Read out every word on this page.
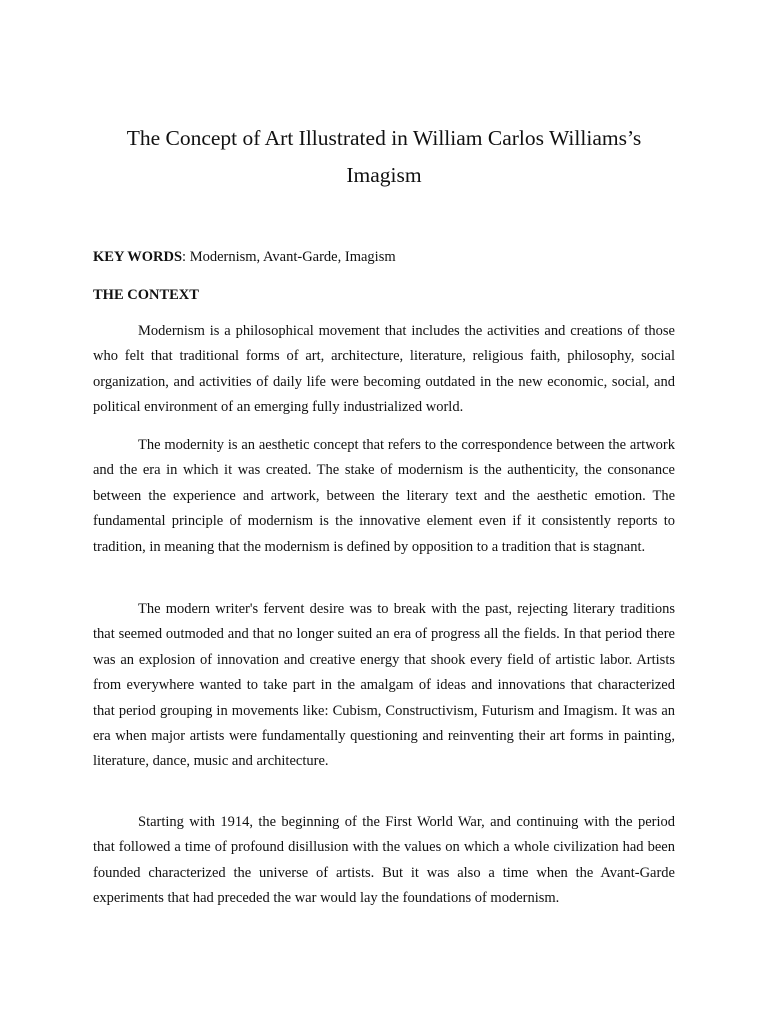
The Concept of Art Illustrated in William Carlos Williams’s
Imagism

KEY WORDS: Modernism, Avant-Garde, Imagism

THE CONTEXT

Modernism is a philosophical movement that includes the activities and creations of those who felt that traditional forms of art, architecture, literature, religious faith, philosophy, social organization, and activities of daily life were becoming outdated in the new economic, social, and political environment of an emerging fully industrialized world.

The modernity is an aesthetic concept that refers to the correspondence between the artwork and the era in which it was created. The stake of modernism is the authenticity, the consonance between the experience and artwork, between the literary text and the aesthetic emotion. The fundamental principle of modernism is the innovative element even if it consistently reports to tradition, in meaning that the modernism is defined by opposition to a tradition that is stagnant.

The modern writer's fervent desire was to break with the past, rejecting literary traditions that seemed outmoded and that no longer suited an era of progress all the fields. In that period there was an explosion of innovation and creative energy that shook every field of artistic labor. Artists from everywhere wanted to take part in the amalgam of ideas and innovations that characterized that period grouping in movements like: Cubism, Constructivism, Futurism and Imagism. It was an era when major artists were fundamentally questioning and reinventing their art forms in painting, literature, dance, music and architecture.

Starting with 1914, the beginning of the First World War, and continuing with the period that followed a time of profound disillusion with the values on which a whole civilization had been founded characterized the universe of artists. But it was also a time when the Avant-Garde experiments that had preceded the war would lay the foundations of modernism.
